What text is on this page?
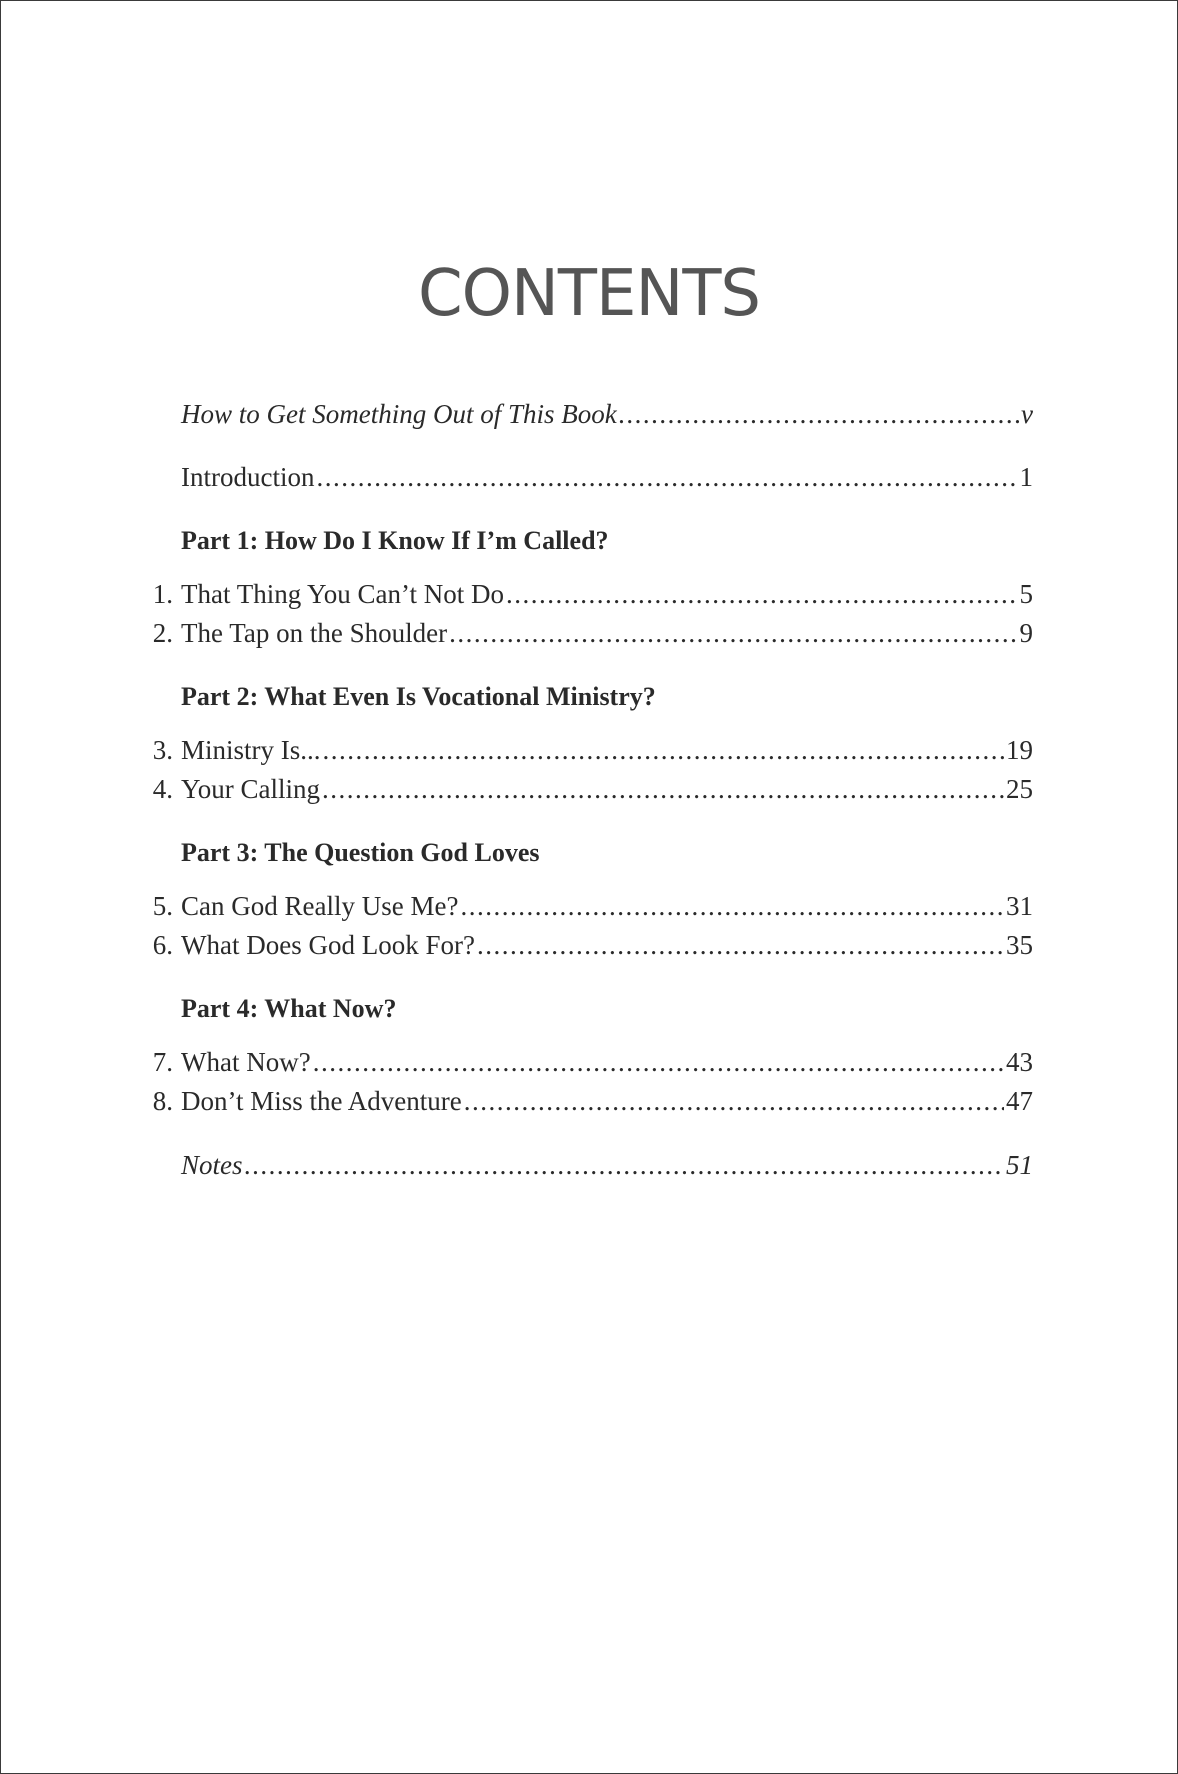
CONTENTS
How to Get Something Out of This Book .....	v
Introduction .....	1
Part 1: How Do I Know If I’m Called?
1. That Thing You Can’t Not Do .....	5
2. The Tap on the Shoulder .....	9
Part 2: What Even Is Vocational Ministry?
3. Ministry Is... .....	19
4. Your Calling .....	25
Part 3: The Question God Loves
5. Can God Really Use Me? .....	31
6. What Does God Look For? .....	35
Part 4: What Now?
7. What Now? .....	43
8. Don’t Miss the Adventure .....	47
Notes .....	51
